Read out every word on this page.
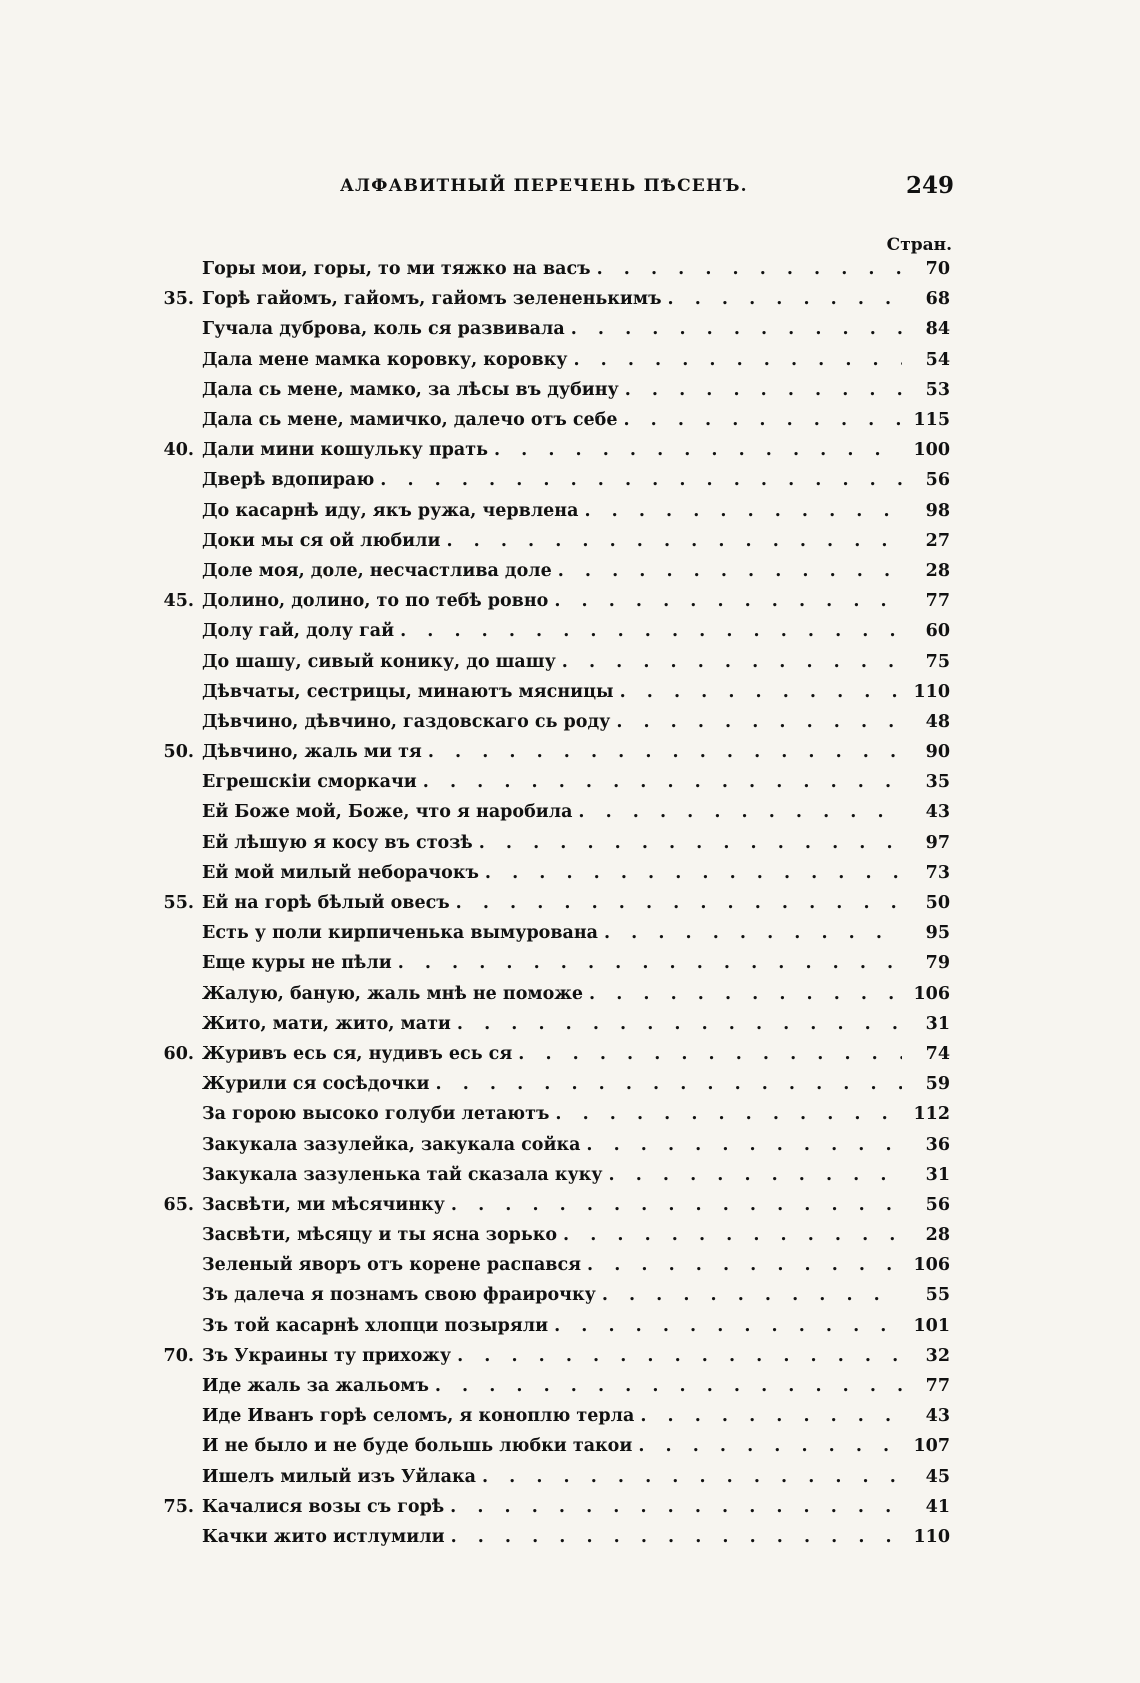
АЛФАВИТНЫЙ ПЕРЕЧЕНЬ ПѢСЕНЪ.	249
Стран.
Горы мои, горы, то ми тяжко на васъ . . .	70
35. Горѣ гайомъ, гайомъ, гайомъ зелененькимъ . . .	68
Гучала дуброва, коль ся развивала . . .	84
Дала мене мамка коровку, коровку . . .	54
Дала сь мене, мамко, за лѣсы въ дубину . . .	53
Дала сь мене, мамичко, далечо отъ себе . . .	115
40. Дали мини кошульку прать . . .	100
Дверѣ вдопираю . . .	56
До касарнѣ иду, якъ ружа, червлена . . .	98
Доки мы ся ой любили . . .	27
Доле моя, доле, несчастлива доле . . .	28
45. Долино, долино, то по тебѣ ровно . . .	77
Долу гай, долу гай . . .	60
До шашу, сивый конику, до шашу . . .	75
Дѣвчаты, сестрицы, минаютъ мясницы . . .	110
Дѣвчино, дѣвчино, газдовскаго сь роду . . .	48
50. Дѣвчино, жаль ми тя . . .	90
Егрешскіи сморкачи . . .	35
Ей Боже мой, Боже, что я наробила . . .	43
Ей лѣшую я косу въ стозѣ . . .	97
Ей мой милый неборачокъ . . .	73
55. Ей на горѣ бѣлый овесъ . . .	50
Есть у поли кирпиченька вымурована . . .	95
Еще куры не пѣли . . .	79
Жалую, баную, жаль мнѣ не поможе . . .	106
Жито, мати, жито, мати . . .	31
60. Журивъ есь ся, нудивъ есь ся . . .	74
Журили ся сосѣдочки . . .	59
За горою высоко голуби летаютъ . . .	112
Закукала зазулейка, закукала сойка . . .	36
Закукала зазуленька тай сказала куку . . .	31
65. Засвѣти, ми мѣсячинку . . .	56
Засвѣти, мѣсяцу и ты ясна зорько . . .	28
Зеленый яворъ отъ корене распався . . .	106
Зъ далеча я познамъ свою фраирочку . . .	55
Зъ той касарнѣ хлопци позыряли . . .	101
70. Зъ Украины ту прихожу . . .	32
Иде жаль за жальомъ . . .	77
Иде Иванъ горѣ селомъ, я коноплю терла . . .	43
И не было и не буде большь любки такои . . .	107
Ишелъ милый изъ Уйлака . . .	45
75. Качалися возы съ горѣ . . .	41
Качки жито истлумили . . .	110
